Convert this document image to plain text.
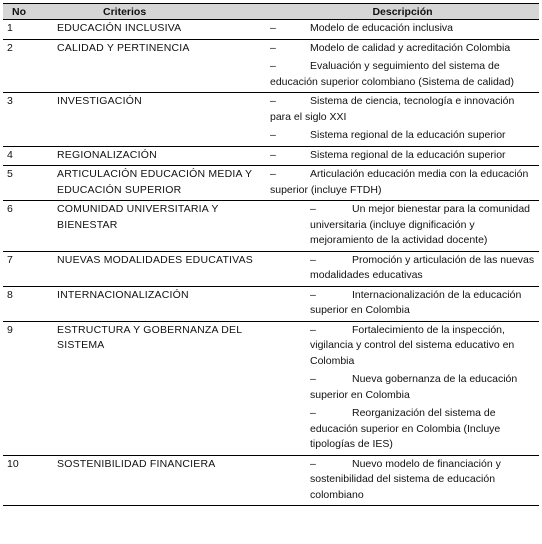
No	Criterios	Descripción
1	EDUCACIÓN INCLUSIVA	– Modelo de educación inclusiva

2	CALIDAD Y PERTINENCIA	– Modelo de calidad y acreditación Colombia
– Evaluación y seguimiento del sistema de educación superior colombiano (Sistema de calidad)

3	INVESTIGACIÓN	– Sistema de ciencia, tecnología e innovación para el siglo XXI
– Sistema regional de la educación superior

4	REGIONALIZACIÓN	– Sistema regional de la educación superior

5	ARTICULACIÓN EDUCACIÓN MEDIA Y EDUCACIÓN SUPERIOR	– Articulación educación media con la educación superior (incluye FTDH)

6	COMUNIDAD UNIVERSITARIA Y BIENESTAR	– Un mejor bienestar para la comunidad universitaria (incluye dignificación y mejoramiento de la actividad docente)

7	NUEVAS MODALIDADES EDUCATIVAS	– Promoción y articulación de las nuevas modalidades educativas

8	INTERNACIONALIZACIÓN	– Internacionalización de la educación superior en Colombia

9	ESTRUCTURA Y GOBERNANZA DEL SISTEMA	– Fortalecimiento de la inspección, vigilancia y control del sistema educativo en Colombia
– Nueva gobernanza de la educación superior en Colombia
– Reorganización del sistema de educación superior en Colombia (Incluye tipologías de IES)

10	SOSTENIBILIDAD FINANCIERA	– Nuevo modelo de financiación y sostenibilidad del sistema de educación colombiano
